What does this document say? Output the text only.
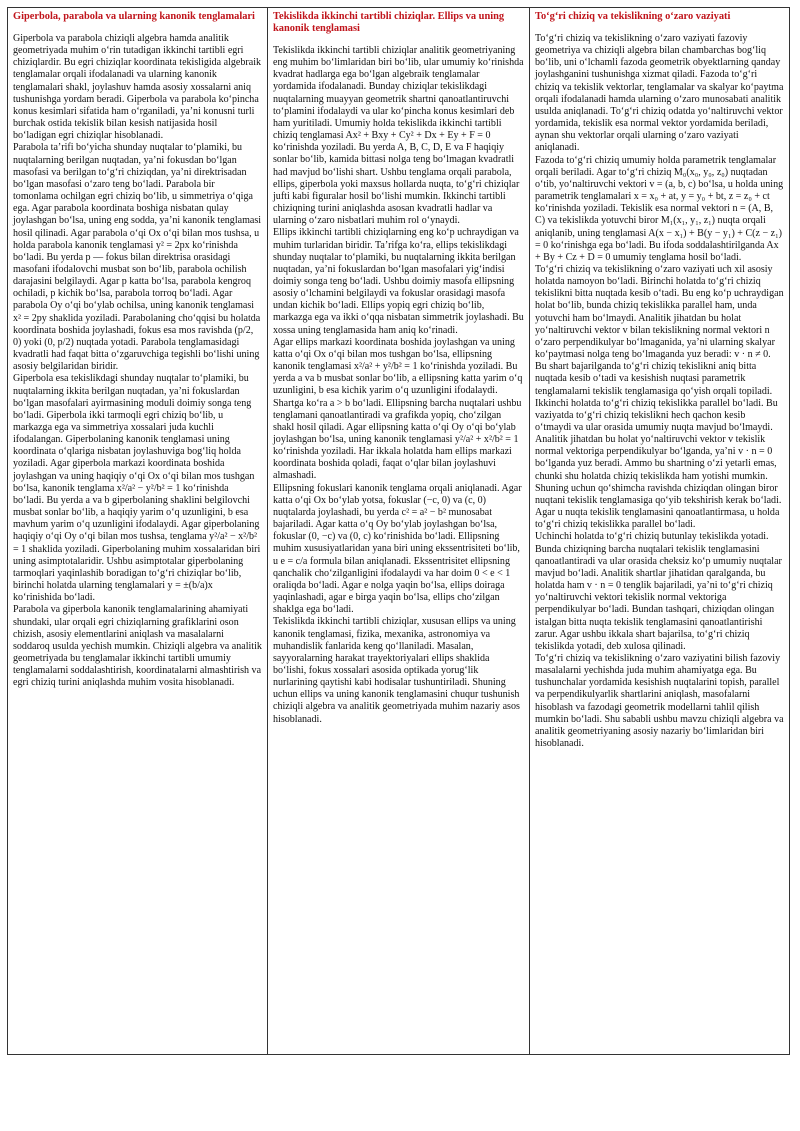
Giperbola, parabola va ularning kanonik tenglamalari

Giperbola va parabola chiziqli algebra hamda analitik geometriyada muhim o‘rin tutadigan ikkinchi tartibli egri chiziqlardir. Bu egri chiziqlar koordinata tekisligida algebraik tenglamalar orqali ifodalanadi va ularning kanonik tenglamalari shakl, joylashuv hamda asosiy xossalarni aniq tushunishga yordam beradi. Giperbola va parabola ko‘pincha konus kesimlari sifatida ham o‘rganiladi, ya’ni konusni turli burchak ostida tekislik bilan kesish natijasida hosil bo‘ladigan egri chiziqlar hisoblanadi.

Parabola ta’rifi bo‘yicha shunday nuqtalar to‘plamiki, bu nuqtalarning berilgan nuqtadan, ya’ni fokusdan bo‘lgan masofasi va berilgan to‘g‘ri chiziqdan, ya’ni direktrisadan bo‘lgan masofasi o‘zaro teng bo‘ladi. Parabola bir tomonlama ochilgan egri chiziq bo‘lib, u simmetriya o‘qiga ega. Agar parabola koordinata boshiga nisbatan qulay joylashgan bo‘lsa, uning eng sodda, ya’ni kanonik tenglamasi hosil qilinadi. Agar parabola o‘qi Ox o‘qi bilan mos tushsa, u holda parabola kanonik tenglamasi y² = 2px ko‘rinishda bo‘ladi. Bu yerda p — fokus bilan direktrisa orasidagi masofani ifodalovchi musbat son bo‘lib, parabola ochilish darajasini belgilaydi. Agar p katta bo‘lsa, parabola kengroq ochiladi, p kichik bo‘lsa, parabola torroq bo‘ladi. Agar parabola Oy o‘qi bo‘ylab ochilsa, uning kanonik tenglamasi x² = 2py shaklida yoziladi. Parabolaning cho‘qqisi bu holatda koordinata boshida joylashadi, fokus esa mos ravishda (p/2, 0) yoki (0, p/2) nuqtada yotadi. Parabola tenglamasidagi kvadratli had faqat bitta o‘zgaruvchiga tegishli bo‘lishi uning asosiy belgilaridan biridir.

Giperbola esa tekislikdagi shunday nuqtalar to‘plamiki, bu nuqtalarning ikkita berilgan nuqtadan, ya’ni fokuslardan bo‘lgan masofalari ayirmasining moduli doimiy songa teng bo‘ladi. Giperbola ikki tarmoqli egri chiziq bo‘lib, u markazga ega va simmetriya xossalari juda kuchli ifodalangan. Giperbolaning kanonik tenglamasi uning koordinata o‘qlariga nisbatan joylashuviga bog‘liq holda yoziladi. Agar giperbola markazi koordinata boshida joylashgan va uning haqiqiy o‘qi Ox o‘qi bilan mos tushgan bo‘lsa, kanonik tenglama x²/a² − y²/b² = 1 ko‘rinishda bo‘ladi. Bu yerda a va b giperbolaning shaklini belgilovchi musbat sonlar bo‘lib, a haqiqiy yarim o‘q uzunligini, b esa mavhum yarim o‘q uzunligini ifodalaydi. Agar giperbolaning haqiqiy o‘qi Oy o‘qi bilan mos tushsa, tenglama y²/a² − x²/b² = 1 shaklida yoziladi. Giperbolaning muhim xossalaridan biri uning asimptotalaridir. Ushbu asimptotalar giperbolaning tarmoqlari yaqinlashib boradigan to‘g‘ri chiziqlar bo‘lib, birinchi holatda ularning tenglamalari y = ±(b/a)x ko‘rinishida bo‘ladi.

Parabola va giperbola kanonik tenglamalarining ahamiyati shundaki, ular orqali egri chiziqlarning grafiklarini oson chizish, asosiy elementlarini aniqlash va masalalarni soddaroq usulda yechish mumkin. Chiziqli algebra va analitik geometriyada bu tenglamalar ikkinchi tartibli umumiy tenglamalarni soddalashtirish, koordinatalarni almashtirish va egri chiziq turini aniqlashda muhim vosita hisoblanadi.

Tekislikda ikkinchi tartibli chiziqlar. Ellips va uning kanonik tenglamasi

Tekislikda ikkinchi tartibli chiziqlar analitik geometriyaning eng muhim bo‘limlaridan biri bo‘lib, ular umumiy ko‘rinishda kvadrat hadlarga ega bo‘lgan algebraik tenglamalar yordamida ifodalanadi. Bunday chiziqlar tekislikdagi nuqtalarning muayyan geometrik shartni qanoatlantiruvchi to‘plamini ifodalaydi va ular ko‘pincha konus kesimlari deb ham yuritiladi. Umumiy holda tekislikda ikkinchi tartibli chiziq tenglamasi Ax² + Bxy + Cy² + Dx + Ey + F = 0 ko‘rinishda yoziladi. Bu yerda A, B, C, D, E va F haqiqiy sonlar bo‘lib, kamida bittasi nolga teng bo‘lmagan kvadratli had mavjud bo‘lishi shart. Ushbu tenglama orqali parabola, ellips, giperbola yoki maxsus hollarda nuqta, to‘g‘ri chiziqlar jufti kabi figuralar hosil bo‘lishi mumkin. Ikkinchi tartibli chiziqning turini aniqlashda asosan kvadratli hadlar va ularning o‘zaro nisbatlari muhim rol o‘ynaydi.

Ellips ikkinchi tartibli chiziqlarning eng ko‘p uchraydigan va muhim turlaridan biridir. Ta’rifga ko‘ra, ellips tekislikdagi shunday nuqtalar to‘plamiki, bu nuqtalarning ikkita berilgan nuqtadan, ya’ni fokuslardan bo‘lgan masofalari yig‘indisi doimiy songa teng bo‘ladi. Ushbu doimiy masofa ellipsning asosiy o‘lchamini belgilaydi va fokuslar orasidagi masofa undan kichik bo‘ladi. Ellips yopiq egri chiziq bo‘lib, markazga ega va ikki o‘qqa nisbatan simmetrik joylashadi. Bu xossa uning tenglamasida ham aniq ko‘rinadi.

Agar ellips markazi koordinata boshida joylashgan va uning katta o‘qi Ox o‘qi bilan mos tushgan bo‘lsa, ellipsning kanonik tenglamasi x²/a² + y²/b² = 1 ko‘rinishda yoziladi. Bu yerda a va b musbat sonlar bo‘lib, a ellipsning katta yarim o‘q uzunligini, b esa kichik yarim o‘q uzunligini ifodalaydi. Shartga ko‘ra a > b bo‘ladi. Ellipsning barcha nuqtalari ushbu tenglamani qanoatlantiradi va grafikda yopiq, cho‘zilgan shakl hosil qiladi. Agar ellipsning katta o‘qi Oy o‘qi bo‘ylab joylashgan bo‘lsa, uning kanonik tenglamasi y²/a² + x²/b² = 1 ko‘rinishda yoziladi. Har ikkala holatda ham ellips markazi koordinata boshida qoladi, faqat o‘qlar bilan joylashuvi almashadi.

Ellipsning fokuslari kanonik tenglama orqali aniqlanadi. Agar katta o‘qi Ox bo‘ylab yotsa, fokuslar (−c, 0) va (c, 0) nuqtalarda joylashadi, bu yerda c² = a² − b² munosabat bajariladi. Agar katta o‘q Oy bo‘ylab joylashgan bo‘lsa, fokuslar (0, −c) va (0, c) ko‘rinishida bo‘ladi. Ellipsning muhim xususiyatlaridan yana biri uning ekssentrisiteti bo‘lib, u e = c/a formula bilan aniqlanadi. Ekssentrisitet ellipsning qanchalik cho‘zilganligini ifodalaydi va har doim 0 < e < 1 oraliqda bo‘ladi. Agar e nolga yaqin bo‘lsa, ellips doiraga yaqinlashadi, agar e birga yaqin bo‘lsa, ellips cho‘zilgan shaklga ega bo‘ladi.

Tekislikdа ikkinchi tartibli chiziqlar, xususan ellips va uning kanonik tenglamasi, fizika, mexanika, astronomiya va muhandislik fanlarida keng qo‘llaniladi. Masalan, sayyoralarning harakat trayektoriyalari ellips shaklida bo‘lishi, fokus xossalari asosida optikada yorug‘lik nurlarining qaytishi kabi hodisalar tushuntiriladi. Shuning uchun ellips va uning kanonik tenglamasini chuqur tushunish chiziqli algebra va analitik geometriyada muhim nazariy asos hisoblanadi.

To‘g‘ri chiziq va tekislikning o‘zaro vaziyati

To‘g‘ri chiziq va tekislikning o‘zaro vaziyati fazoviy geometriya va chiziqli algebra bilan chambarchas bog‘liq bo‘lib, uni o‘lchamli fazoda geometrik obyektlarning qanday joylashganini tushunishga xizmat qiladi. Fazoda to‘g‘ri chiziq va tekislik vektorlar, tenglamalar va skalyar ko‘paytma orqali ifodalanadi hamda ularning o‘zaro munosabati analitik usulda aniqlanadi. To‘g‘ri chiziq odatda yo‘naltiruvchi vektor yordamida, tekislik esa normal vektor yordamida beriladi, aynan shu vektorlar orqali ularning o‘zaro vaziyati aniqlanadi.

Fazoda to‘g‘ri chiziq umumiy holda parametrik tenglamalar orqali beriladi. Agar to‘g‘ri chiziq M₀(x₀, y₀, z₀) nuqtadan o‘tib, yo‘naltiruvchi vektori v = (a, b, c) bo‘lsa, u holda uning parametrik tenglamalari x = x₀ + at, y = y₀ + bt, z = z₀ + ct ko‘rinishda yoziladi. Tekislik esa normal vektori n = (A, B, C) va tekislikda yotuvchi biror M₁(x₁, y₁, z₁) nuqta orqali aniqlanib, uning tenglamasi A(x − x₁) + B(y − y₁) + C(z − z₁) = 0 ko‘rinishga ega bo‘ladi. Bu ifoda soddalashtirilganda Ax + By + Cz + D = 0 umumiy tenglama hosil bo‘ladi.

To‘g‘ri chiziq va tekislikning o‘zaro vaziyati uch xil asosiy holatda namoyon bo‘ladi. Birinchi holatda to‘g‘ri chiziq tekislikni bitta nuqtada kesib o‘tadi. Bu eng ko‘p uchraydigan holat bo‘lib, bunda chiziq tekislikka parallel ham, unda yotuvchi ham bo‘lmaydi. Analitik jihatdan bu holat yo‘naltiruvchi vektor v bilan tekislikning normal vektori n o‘zaro perpendikulyar bo‘lmaganida, ya’ni ularning skalyar ko‘paytmasi nolga teng bo‘lmaganda yuz beradi: v · n ≠ 0. Bu shart bajarilganda to‘g‘ri chiziq tekislikni aniq bitta nuqtada kesib o‘tadi va kesishish nuqtasi parametrik tenglamalarni tekislik tenglamasiga qo‘yish orqali topiladi.

Ikkinchi holatda to‘g‘ri chiziq tekislikka parallel bo‘ladi. Bu vaziyatda to‘g‘ri chiziq tekislikni hech qachon kesib o‘tmaydi va ular orasida umumiy nuqta mavjud bo‘lmaydi. Analitik jihatdan bu holat yo‘naltiruvchi vektor v tekislik normal vektoriga perpendikulyar bo‘lganda, ya’ni v · n = 0 bo‘lganda yuz beradi. Ammo bu shartning o‘zi yetarli emas, chunki shu holatda chiziq tekislikda ham yotishi mumkin. Shuning uchun qo‘shimcha ravishda chiziqdan olingan biror nuqtani tekislik tenglamasiga qo‘yib tekshirish kerak bo‘ladi. Agar u nuqta tekislik tenglamasini qanoatlantirmasa, u holda to‘g‘ri chiziq tekislikka parallel bo‘ladi.

Uchinchi holatda to‘g‘ri chiziq butunlay tekislikda yotadi. Bunda chiziqning barcha nuqtalari tekislik tenglamasini qanoatlantiradi va ular orasida cheksiz ko‘p umumiy nuqtalar mavjud bo‘ladi. Analitik shartlar jihatidan qaralganda, bu holatda ham v · n = 0 tenglik bajariladi, ya’ni to‘g‘ri chiziq yo‘naltiruvchi vektori tekislik normal vektoriga perpendikulyar bo‘ladi. Bundan tashqari, chiziqdan olingan istalgan bitta nuqta tekislik tenglamasini qanoatlantirishi zarur. Agar ushbu ikkala shart bajarilsa, to‘g‘ri chiziq tekislikda yotadi, deb xulosa qilinadi.

To‘g‘ri chiziq va tekislikning o‘zaro vaziyatini bilish fazoviy masalalarni yechishda juda muhim ahamiyatga ega. Bu tushunchalar yordamida kesishish nuqtalarini topish, parallel va perpendikulyarlik shartlarini aniqlash, masofalarni hisoblash va fazodagi geometrik modellarni tahlil qilish mumkin bo‘ladi. Shu sababli ushbu mavzu chiziqli algebra va analitik geometriyaning asosiy nazariy bo‘limlaridan biri hisoblanadi.
